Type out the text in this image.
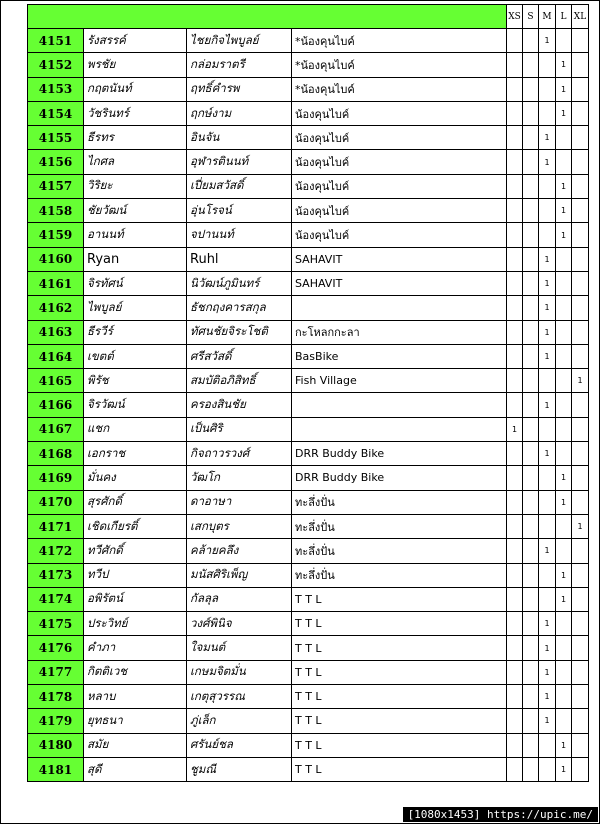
				XS	S	M	L	XL
4151	รังสรรค์	ไชยกิจไพบูลย์	*น้องคุนไบค์			1		
4152	พรชัย	กล่อมราตรี	*น้องคุนไบค์				1	
4153	กฤตนันท์	ฤทธิ์คำรพ	*น้องคุนไบค์				1	
4154	วัชรินทร์	ฤกษ์งาม	น้องคุนไบค์				1	
4155	ธีรทร	อินจัน	น้องคุนไบค์			1		
4156	ไกศล	อุฬารตินนท์	น้องคุนไบค์			1		
4157	วิริยะ	เปี่ยมสวัสดิ์	น้องคุนไบค์				1	
4158	ชัยวัฒน์	อุ่นโรจน์	น้องคุนไบค์				1	
4159	อานนท์	จปานนท์	น้องคุนไบค์				1	
4160	Ryan	Ruhl	SAHAVIT			1		
4161	จิรทัศน์	นิวัฒน์ภูมินทร์	SAHAVIT			1		
4162	ไพบูลย์	ธัชกฤงคารสกุล				1		
4163	ธีรวีร์	ทัศนชัยจิระโชติ	กะโหลกกะลา			1		
4164	เขตต์	ศรีสวัสดิ์	BasBike			1		
4165	พิรัช	สมบัติอภิสิทธิ์	Fish Village					1
4166	จิรวัฒน์	ครองสินชัย				1		
4167	แชก	เป็นศิริ		1				
4168	เอกราช	กิจถาวรวงศ์	DRR Buddy Bike			1		
4169	มั่นคง	วัฒโก	DRR Buddy Bike				1	
4170	สุรศักดิ์	ดาอาษา	ทะลึ่งปั่น				1	
4171	เชิดเกียรติ์	เสกบุตร	ทะลึ่งปั่น					1
4172	ทวีศักดิ์	คล้ายคลึง	ทะลึ่งปั่น			1		
4173	ทวีป	มนัสศิริเพ็ญ	ทะลึ่งปั่น				1	
4174	อพิรัตน์	กัลลุล	T T L				1	
4175	ประวิทย์	วงศ์พินิจ	T T L			1		
4176	คำภา	ใจมนต์	T T L			1		
4177	กิตติเวช	เกษมจิตมั่น	T T L			1		
4178	หลาบ	เกตุสุวรรณ	T T L			1		
4179	ยุทธนา	ภู่เล็ก	T T L			1		
4180	สมัย	ศรันย์ชล	T T L				1	
4181	สุดี	ชูมณี	T T L				1	
[1080x1453] https://upic.me/
